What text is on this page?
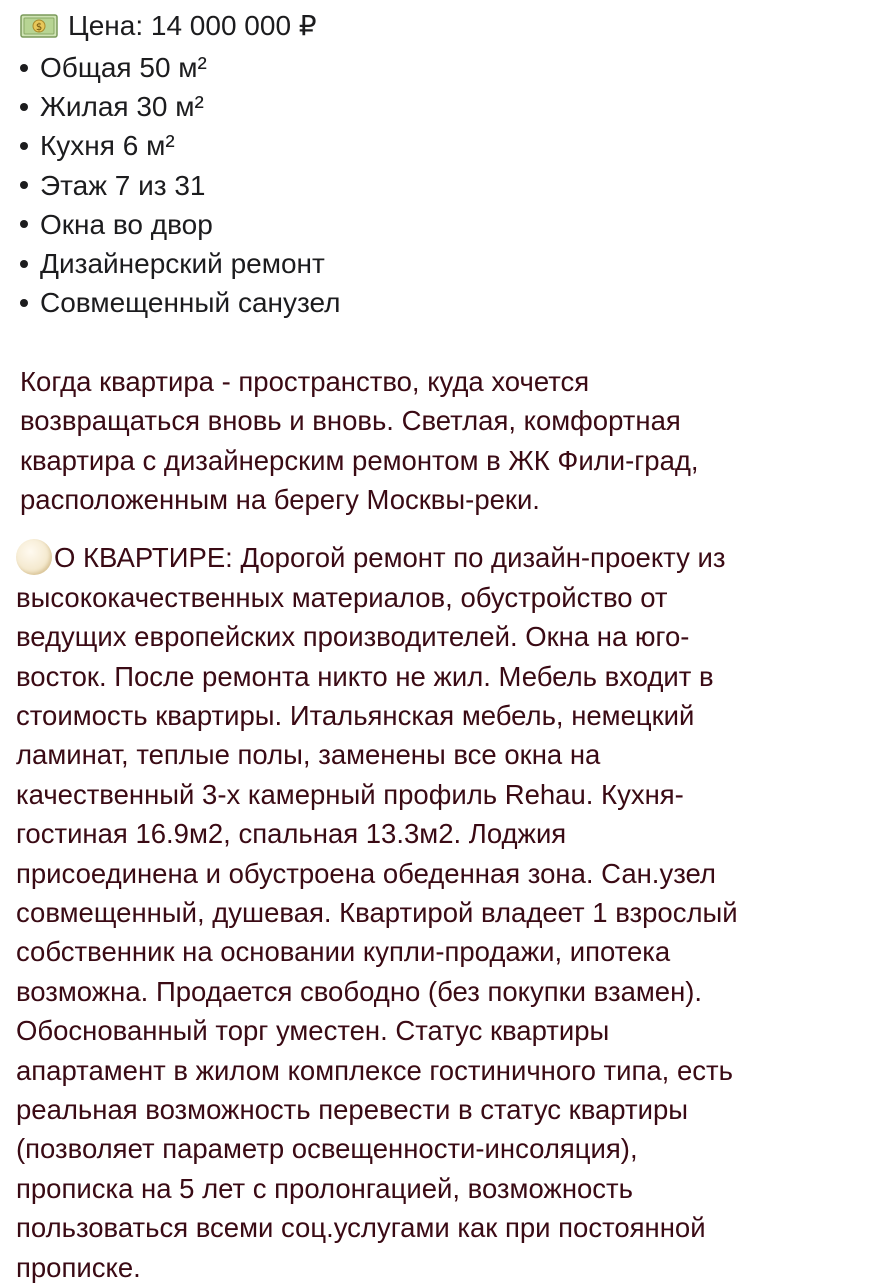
$ Цена: 14 000 000 ₽
Общая 50 м²
Жилая 30 м²
Кухня 6 м²
Этаж 7 из 31
Окна во двор
Дизайнерский ремонт
Совмещенный санузел

Когда квартира - пространство, куда хочется
возвращаться вновь и вновь. Светлая, комфортная
квартира с дизайнерским ремонтом в ЖК Фили-град,
расположенным на берегу Москвы-реки.

О КВАРТИРЕ: Дорогой ремонт по дизайн-проекту из
высококачественных материалов, обустройство от
ведущих европейских производителей. Окна на юго-
восток. После ремонта никто не жил. Мебель входит в
стоимость квартиры. Итальянская мебель, немецкий
ламинат, теплые полы, заменены все окна на
качественный 3-х камерный профиль Rehau. Кухня-
гостиная 16.9м2, спальная 13.3м2. Лоджия
присоединена и обустроена обеденная зона. Сан.узел
совмещенный, душевая. Квартирой владеет 1 взрослый
собственник на основании купли-продажи, ипотека
возможна. Продается свободно (без покупки взамен).
Обоснованный торг уместен. Статус квартиры
апартамент в жилом комплексе гостиничного типа, есть
реальная возможность перевести в статус квартиры
(позволяет параметр освещенности-инсоляция),
прописка на 5 лет с пролонгацией, возможность
пользоваться всеми соц.услугами как при постоянной
прописке.
